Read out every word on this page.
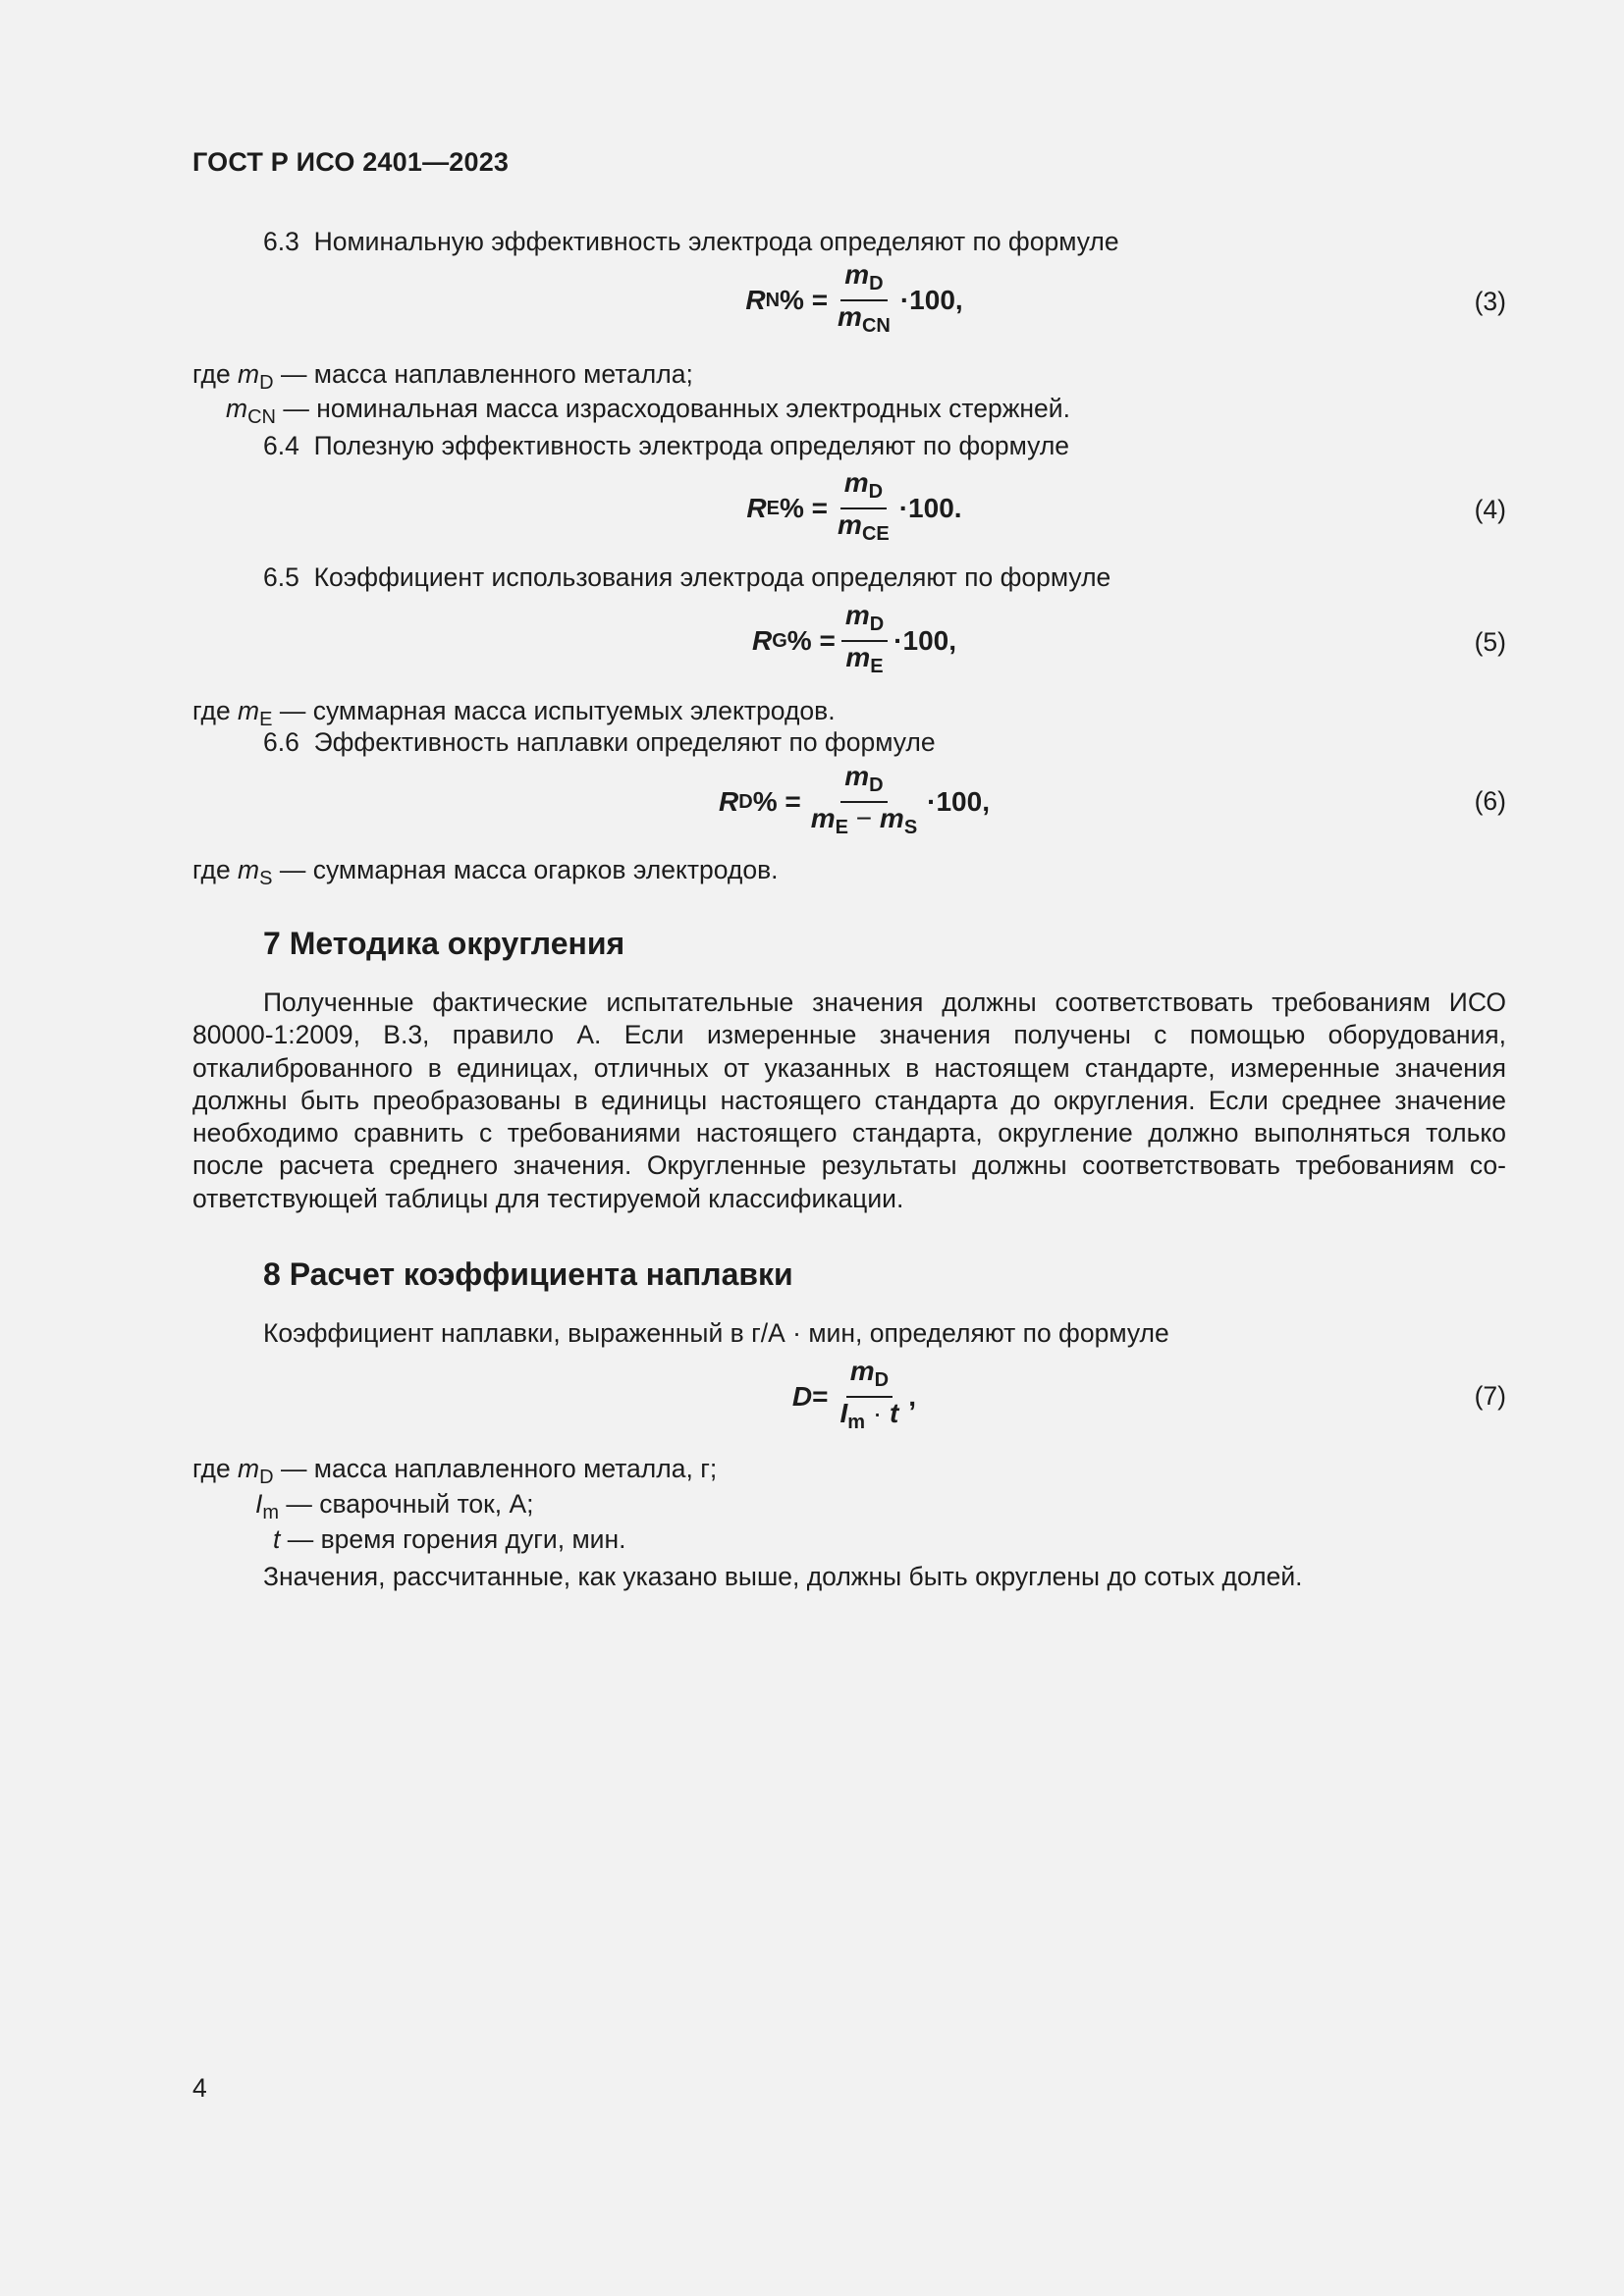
ГОСТ Р ИСО 2401—2023
6.3 Номинальную эффективность электрода определяют по формуле
R N % = $\frac{m_D}{m_{CN}} \cdot 100$,	(3)
где $m_D$ — масса наплавленного металла;
$m_{CN}$ — номинальная масса израсходованных электродных стержней.
6.4 Полезную эффективность электрода определяют по формуле
R E % = $\frac{m_D}{m_{CE}} \cdot 100$.	(4)
6.5 Коэффициент использования электрода определяют по формуле
R G % = $\frac{m_D}{m_E} \cdot 100$,	(5)
где $m_E$ — суммарная масса испытуемых электродов.
6.6 Эффективность наплавки определяют по формуле
R D % = $\frac{m_D}{m_E - m_S} \cdot 100$,	(6)
где $m_S$ — суммарная масса огарков электродов.
7 Методика округления
Полученные фактические испытательные значения должны соответствовать требованиям ИСО 80000-1:2009, В.3, правило А. Если измеренные значения получены с помощью оборудования, откалиброванного в единицах, отличных от указанных в настоящем стандарте, измеренные значения должны быть преобразованы в единицы настоящего стандарта до округления. Если среднее значение необходимо сравнить с требованиями настоящего стандарта, округление должно выполняться только после расчета среднего значения. Округленные результаты должны соответствовать требованиям соответствующей таблицы для тестируемой классификации.
8 Расчет коэффициента наплавки
Коэффициент наплавки, выраженный в г/А · мин, определяют по формуле
$D = \frac{m_D}{I_m \cdot t}$ ,	(7)
где $m_D$ — масса наплавленного металла, г;
$I_m$ — сварочный ток, А;
t — время горения дуги, мин.
Значения, рассчитанные, как указано выше, должны быть округлены до сотых долей.
4
